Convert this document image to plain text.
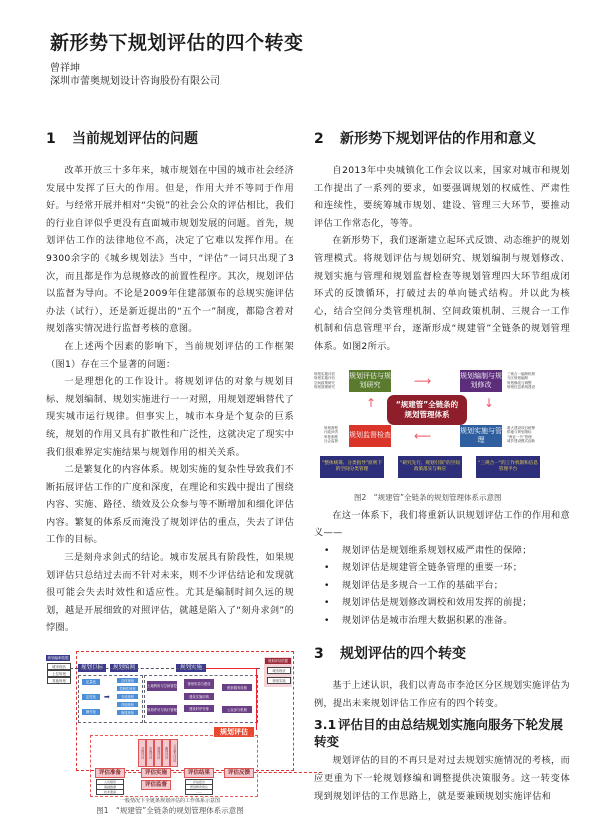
新形势下规划评估的四个转变
曾祥坤
深圳市蕾奥规划设计咨询股份有限公司
1 当前规划评估的问题

改革开放三十多年来，城市规划在中国的城市社会经济发展中发挥了巨大的作用。但是，作用大并不等同于作用好。与经常开展并相对“尖锐”的社会公众的评估相比，我们的行业自评似乎更没有直面城市规划发展的问题。首先，规划评估工作的法律地位不高，决定了它难以发挥作用。在9300余字的《城乡规划法》当中，“评估”一词只出现了3次，而且都是作为总规修改的前置性程序。其次，规划评估以监督为导向。不论是2009年住建部颁布的总规实施评估办法（试行），还是新近提出的“五个一”制度，都隐含着对规划落实情况进行监督考核的意图。

在上述两个因素的影响下，当前规划评估的工作框架（图1）存在三个显著的问题：

一是理想化的工作设计。将规划评估的对象与规划目标、规划编制、规划实施进行一一对照，用规划逻辑替代了现实城市运行规律。但事实上，城市本身是个复杂的巨系统，规划的作用又具有扩散性和广泛性，这就决定了现实中我们很难界定实施结果与规划作用的相关关系。

二是繁复化的内容体系。规划实施的复杂性导致我们不断拓展评估工作的广度和深度，在理论和实践中提出了围绕内容、实施、路径、绩效及公众参与等不断增加和细化评估内容。繁复的体系反而淹没了规划评估的重点，失去了评估工作的目标。

三是刻舟求剑式的结论。城市发展具有阶段性，如果规划评估只总结过去而不针对未来，则不少评估结论和发现就很可能会失去时效性和适应性。尤其是编制时间久远的规划，越是开展细致的对照评估，就越是陷入了“刻舟求剑”的悖圈。

规划编制依据
城市现状
上位规划
其他规划
规划目标	规划编制	规划实施
定量化
定性化
操作化
➡
总体规划
控制性规划
专项规划
详细规划
修建规划
土地利用与空间管控
规划许可与执行管理
规划布局与建设
建设实施结构
建设时序安排
配套服务设施
公众参与机制
规划评估依据
城市现状
规划实施
规划评估
对照评估	实施评估	绩效评估	路径评估	公众参与评估
评估准备	评估实施	评估结果	评估反馈
评估监督
人员组织
基础数据
技术准备
评估报告
规划修改建议
……
一般情况下全链条规划评估的工作体系示意图
图1　“规建管”全链条的规划管理体系示意图
2 新形势下规划评估的作用和意义

自2013年中央城镇化工作会议以来，国家对城市和规划工作提出了一系列的要求，如要强调规划的权威性、严肃性和连续性，要统筹城市规划、建设、管理三大环节，要推动评估工作常态化，等等。

在新形势下，我们逐渐建立起环式反馈、动态维护的规划管理模式。将规划评估与规划研究、规划编制与规划修改、规划实施与管理和规划监督检查等规划管理四大环节组成闭环式的反馈循环，打破过去的单向链式结构。并以此为核心，结合空间分类管理机制、空间政策机制、三规合一工作机制和信息管理平台，逐渐形成“规建管”全链条的规划管理体系。如图2所示。

规划实施评估
规划实施评价
空间政策研究
规划管理研究
规划评估与规划研究	⟶	规划编制与规划修改
三规合一编制机制
分区规划编制
规划修改与调整
规划信息系统建设
↑	“规建管”全链条的规划管理体系
↓
规划督察
行政问责
审批制度
社会监督
规划监督检查 ⟵	规划实施与管理
重大建设项目统筹
供地与规划指标
“两证一书”管理
城乡建设模式创新
“整体统筹、分类指导”原则下的空间分类管理
“研究先行、规划引领”的空间政策落实与响应
“三规合一”的工作机制和信息管理平台
图2　“规建管”全链条的规划管理体系示意图

在这一体系下，我们将重新认识规划评估工作的作用和意义——

• 规划评估是规划维系规划权威严肃性的保障；
• 规划评估是规建管全链条管理的重要一环；
• 规划评估是多规合一工作的基础平台；
• 规划评估是规划修改调校和效用发挥的前提；
• 规划评估是城市治理大数据积累的准备。
3 规划评估的四个转变

基于上述认识，我们以青岛市李沧区分区规划实施评估为例，提出未来规划评估工作应有的四个转变。

3.1 评估目的由总结规划实施向服务下轮发展转变

规划评估的目的不再只是对过去规划实施情况的考核，而应更重为下一轮规划修编和调整提供决策服务。这一转变体现到规划评估的工作思路上，就是要兼顾规划实施评估和
